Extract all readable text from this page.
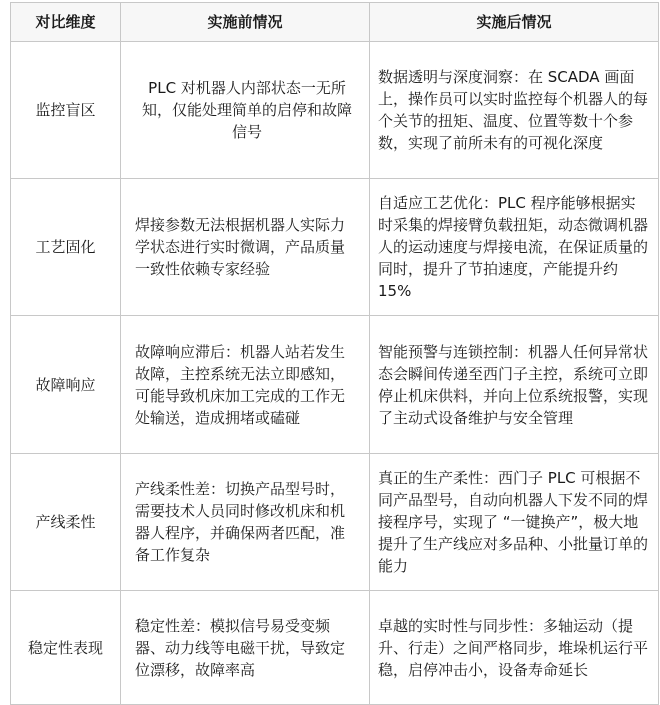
对比维度	实施前情况	实施后情况
监控盲区	PLC 对机器人内部状态一无所知，仅能处理简单的启停和故障信号	数据透明与深度洞察：在 SCADA 画面上，操作员可以实时监控每个机器人的每个关节的扭矩、温度、位置等数十个参数，实现了前所未有的可视化深度
工艺固化	焊接参数无法根据机器人实际力学状态进行实时微调，产品质量一致性依赖专家经验	自适应工艺优化：PLC 程序能够根据实时采集的焊接臂负载扭矩，动态微调机器人的运动速度与焊接电流，在保证质量的同时，提升了节拍速度，产能提升约 15%
故障响应	故障响应滞后：机器人站若发生故障，主控系统无法立即感知，可能导致机床加工完成的工作无处输送，造成拥堵或磕碰	智能预警与连锁控制：机器人任何异常状态会瞬间传递至西门子主控，系统可立即停止机床供料，并向上位系统报警，实现了主动式设备维护与安全管理
产线柔性	产线柔性差：切换产品型号时，需要技术人员同时修改机床和机器人程序，并确保两者匹配，准备工作复杂	真正的生产柔性：西门子 PLC 可根据不同产品型号，自动向机器人下发不同的焊接程序号，实现了 “一键换产”，极大地提升了生产线应对多品种、小批量订单的能力
稳定性表现	稳定性差：模拟信号易受变频器、动力线等电磁干扰，导致定位漂移，故障率高	卓越的实时性与同步性：多轴运动（提升、行走）之间严格同步，堆垛机运行平稳，启停冲击小，设备寿命延长
